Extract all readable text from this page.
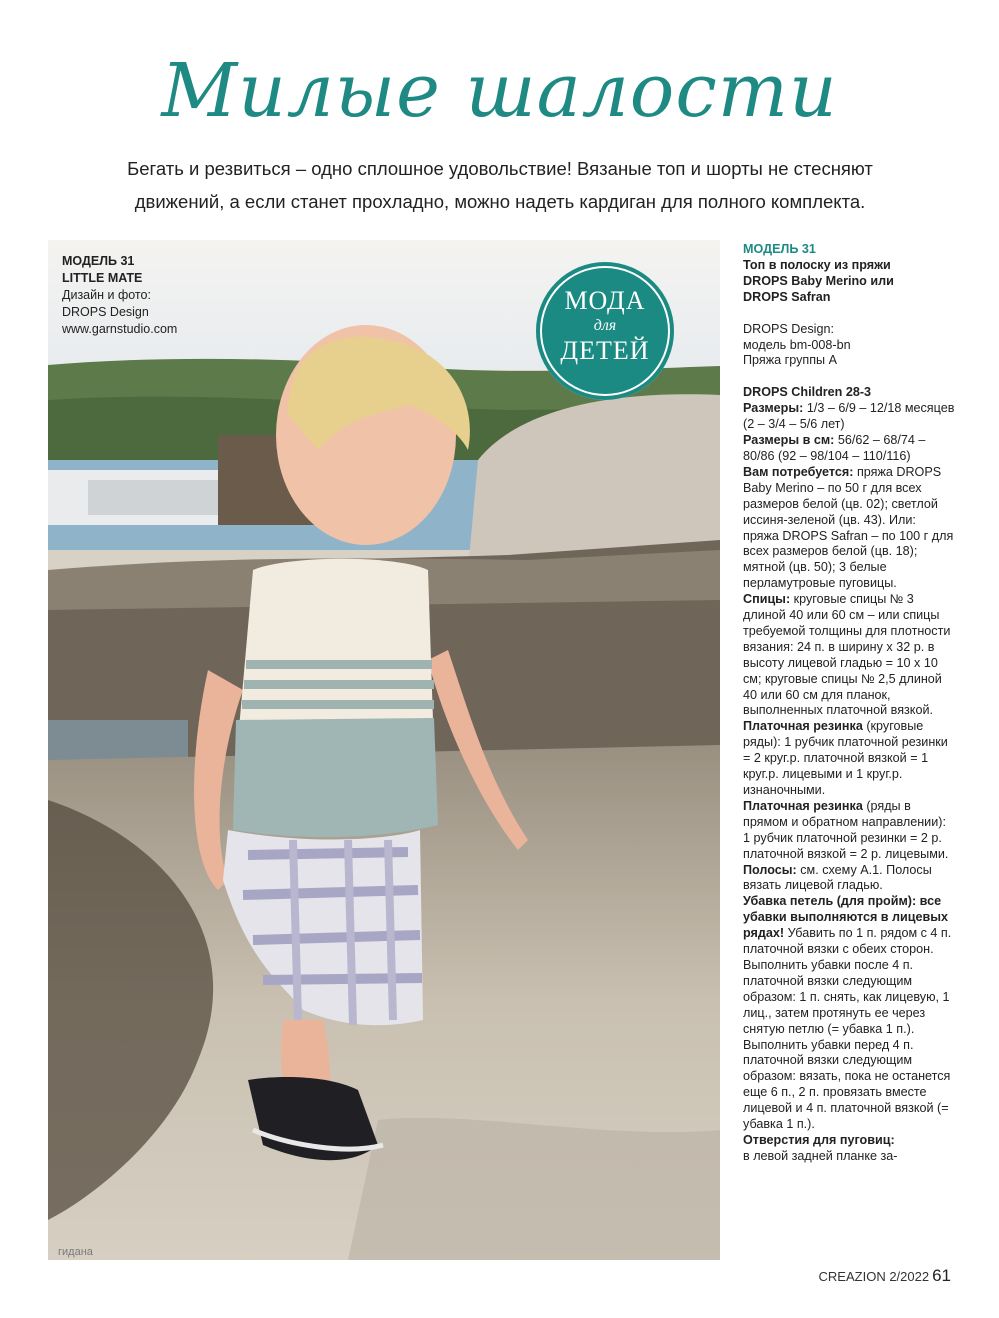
Милые шалости
Бегать и резвиться – одно сплошное удовольствие! Вязаные топ и шорты не стесняют
движений, а если станет прохладно, можно надеть кардиган для полного комплекта.
МОДЕЛЬ 31
LITTLE MATE
Дизайн и фото:
DROPS Design
www.garnstudio.com
МОДА
для
ДЕТЕЙ
гидана

МОДЕЛЬ 31

Топ в полоску из пряжи

DROPS Baby Merino или

DROPS Safran

DROPS Design:

модель bm-008-bn

Пряжа группы А

DROPS Children 28-3

Размеры: 1/3 – 6/9 – 12/18 месяцев (2 – 3/4 – 5/6 лет)

Размеры в см: 56/62 – 68/74 – 80/86 (92 – 98/104 – 110/116)

Вам потребуется: пряжа DROPS Baby Merino – по 50 г для всех размеров белой (цв. 02); светлой иссиня-зеленой (цв. 43). Или: пряжа DROPS Safran – по 100 г для всех размеров белой (цв. 18); мятной (цв. 50); 3 белые перламутровые пуговицы.

Спицы: круговые спицы № 3 длиной 40 или 60 см – или спицы требуемой толщины для плотности вязания: 24 п. в ширину х 32 р. в высоту лицевой гладью = 10 х 10 см; круговые спицы № 2,5 длиной 40 или 60 см для планок, выполненных платочной вязкой.

Платочная резинка (круговые ряды): 1 рубчик платочной резинки = 2 круг.р. платочной вязкой = 1 круг.р. лицевыми и 1 круг.р. изнаночными.

Платочная резинка (ряды в прямом и обратном направлении): 1 рубчик платочной резинки = 2 р. платочной вязкой = 2 р. лицевыми.

Полосы: см. схему А.1. Полосы вязать лицевой гладью.

Убавка петель (для пройм): все убавки выполняются в лицевых рядах! Убавить по 1 п. рядом с 4 п. платочной вязки с обеих сторон. Выполнить убавки после 4 п. платочной вязки следующим образом: 1 п. снять, как лицевую, 1 лиц., затем протянуть ее через снятую петлю (= убавка 1 п.).

Выполнить убавки перед 4 п. платочной вязки следующим образом: вязать, пока не останется еще 6 п., 2 п. провязать вместе лицевой и 4 п. платочной вязкой (= убавка 1 п.).

Отверстия для пуговиц:

в левой задней планке за-

CREAZION 2/2022 61
